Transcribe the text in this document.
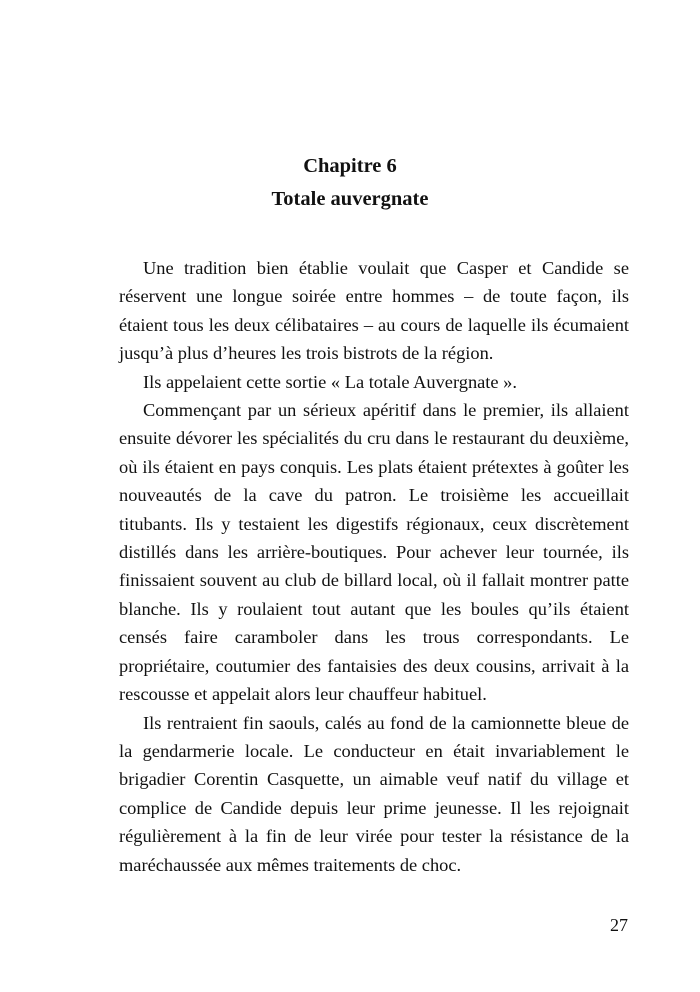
Chapitre 6
Totale auvergnate

Une tradition bien établie voulait que Casper et Candide se réservent une longue soirée entre hommes – de toute façon, ils étaient tous les deux célibataires – au cours de laquelle ils écumaient jusqu’à plus d’heures les trois bistrots de la région.

Ils appelaient cette sortie « La totale Auvergnate ».

Commençant par un sérieux apéritif dans le premier, ils allaient ensuite dévorer les spécialités du cru dans le restaurant du deuxième, où ils étaient en pays conquis. Les plats étaient prétextes à goûter les nouveautés de la cave du patron. Le troisième les accueillait titubants. Ils y testaient les digestifs régionaux, ceux discrètement distillés dans les arrière-boutiques. Pour achever leur tournée, ils finissaient souvent au club de billard local, où il fallait montrer patte blanche. Ils y roulaient tout autant que les boules qu’ils étaient censés faire caramboler dans les trous correspondants. Le propriétaire, coutumier des fantaisies des deux cousins, arrivait à la rescousse et appelait alors leur chauffeur habituel.

Ils rentraient fin saouls, calés au fond de la camionnette bleue de la gendarmerie locale. Le conducteur en était invariablement le brigadier Corentin Casquette, un aimable veuf natif du village et complice de Candide depuis leur prime jeunesse. Il les rejoignait régulièrement à la fin de leur virée pour tester la résistance de la maréchaussée aux mêmes traitements de choc.

27
